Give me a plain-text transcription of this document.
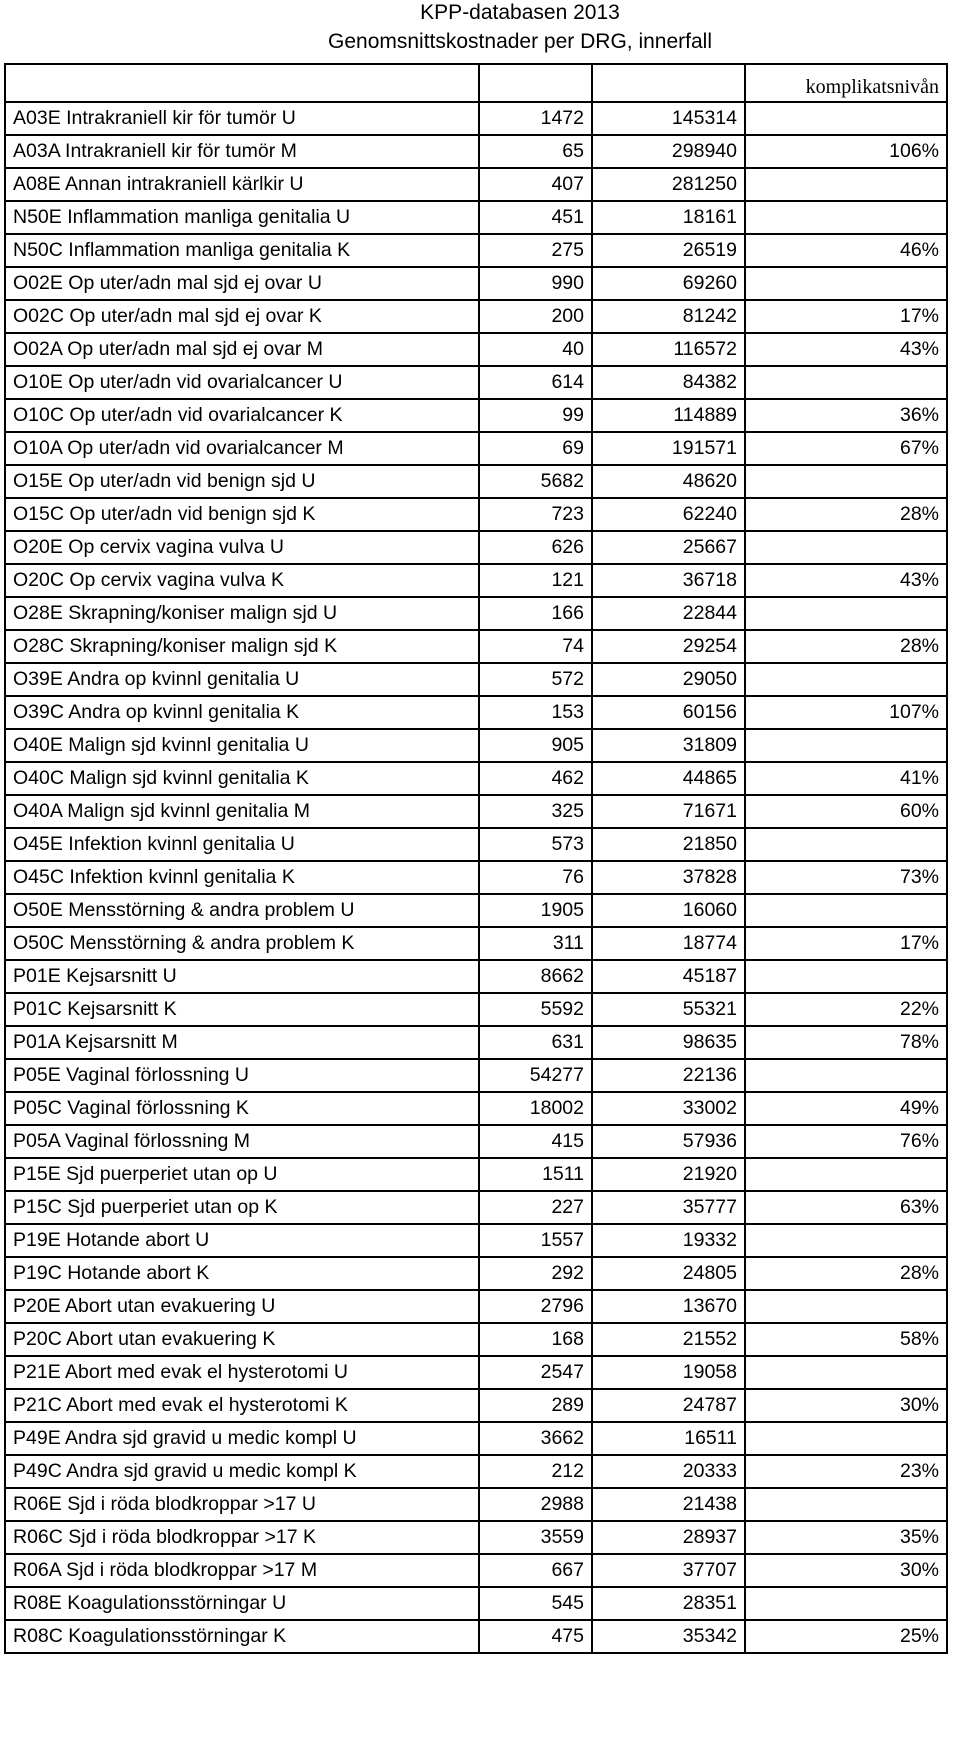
KPP-databasen 2013
Genomsnittskostnader per DRG, innerfall
			komplikatsnivån
A03E Intrakraniell kir för tumör U	1472	145314	
A03A Intrakraniell kir för tumör M	65	298940	106%
A08E Annan intrakraniell kärlkir U	407	281250	
N50E Inflammation manliga genitalia U	451	18161	
N50C Inflammation manliga genitalia K	275	26519	46%
O02E Op uter/adn mal sjd ej ovar U	990	69260	
O02C Op uter/adn mal sjd ej ovar K	200	81242	17%
O02A Op uter/adn mal sjd ej ovar M	40	116572	43%
O10E Op uter/adn vid ovarialcancer U	614	84382	
O10C Op uter/adn vid ovarialcancer K	99	114889	36%
O10A Op uter/adn vid ovarialcancer M	69	191571	67%
O15E Op uter/adn vid benign sjd U	5682	48620	
O15C Op uter/adn vid benign sjd K	723	62240	28%
O20E Op cervix vagina vulva U	626	25667	
O20C Op cervix vagina vulva K	121	36718	43%
O28E Skrapning/koniser malign sjd U	166	22844	
O28C Skrapning/koniser malign sjd K	74	29254	28%
O39E Andra op kvinnl genitalia U	572	29050	
O39C Andra op kvinnl genitalia K	153	60156	107%
O40E Malign sjd kvinnl genitalia U	905	31809	
O40C Malign sjd kvinnl genitalia K	462	44865	41%
O40A Malign sjd kvinnl genitalia M	325	71671	60%
O45E Infektion kvinnl genitalia U	573	21850	
O45C Infektion kvinnl genitalia K	76	37828	73%
O50E Mensstörning & andra problem U	1905	16060	
O50C Mensstörning & andra problem K	311	18774	17%
P01E Kejsarsnitt U	8662	45187	
P01C Kejsarsnitt K	5592	55321	22%
P01A Kejsarsnitt M	631	98635	78%
P05E Vaginal förlossning U	54277	22136	
P05C Vaginal förlossning K	18002	33002	49%
P05A Vaginal förlossning M	415	57936	76%
P15E Sjd puerperiet utan op U	1511	21920	
P15C Sjd puerperiet utan op K	227	35777	63%
P19E Hotande abort U	1557	19332	
P19C Hotande abort K	292	24805	28%
P20E Abort utan evakuering U	2796	13670	
P20C Abort utan evakuering K	168	21552	58%
P21E Abort med evak el hysterotomi U	2547	19058	
P21C Abort med evak el hysterotomi K	289	24787	30%
P49E Andra sjd gravid u medic kompl U	3662	16511	
P49C Andra sjd gravid u medic kompl K	212	20333	23%
R06E Sjd i röda blodkroppar >17 U	2988	21438	
R06C Sjd i röda blodkroppar >17 K	3559	28937	35%
R06A Sjd i röda blodkroppar >17 M	667	37707	30%
R08E Koagulationsstörningar U	545	28351	
R08C Koagulationsstörningar K	475	35342	25%
